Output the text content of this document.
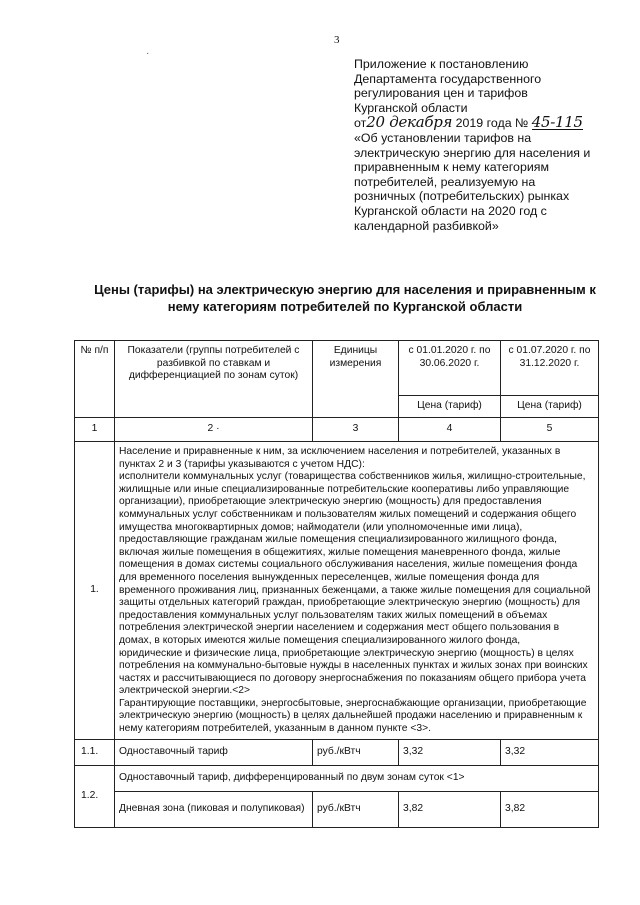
3
·
Приложение к постановлению
Департамента государственного
регулирования цен и тарифов
Курганской области
от20 декабря 2019 года № 45-115
«Об установлении тарифов на
электрическую энергию для населения и
приравненным к нему категориям
потребителей, реализуемую на
розничных (потребительских) рынках
Курганской области на 2020 год с
календарной разбивкой»
Цены (тарифы) на электрическую энергию для населения и приравненным к
нему категориям потребителей по Курганской области
№ п/п	Показатели (группы потребителей с разбивкой по ставкам и дифференциацией по зонам суток)	Единицы измерения	с 01.01.2020 г. по 30.06.2020 г.	с 01.07.2020 г. по 31.12.2020 г.
			Цена (тариф)	Цена (тариф)
1	2 ·	3	4	5
1.	Население и приравненные к ним, за исключением населения и потребителей, указанных в пунктах 2 и 3 (тарифы указываются с учетом НДС):
исполнители коммунальных услуг (товарищества собственников жилья, жилищно-строительные, жилищные или иные специализированные потребительские кооперативы либо управляющие организации), приобретающие электрическую энергию (мощность) для предоставления коммунальных услуг собственникам и пользователям жилых помещений и содержания общего имущества многоквартирных домов; наймодатели (или уполномоченные ими лица), предоставляющие гражданам жилые помещения специализированного жилищного фонда, включая жилые помещения в общежитиях, жилые помещения маневренного фонда, жилые помещения в домах системы социального обслуживания населения, жилые помещения фонда для временного поселения вынужденных переселенцев, жилые помещения фонда для временного проживания лиц, признанных беженцами, а также жилые помещения для социальной защиты отдельных категорий граждан, приобретающие электрическую энергию (мощность) для предоставления коммунальных услуг пользователям таких жилых помещений в объемах потребления электрической энергии населением и содержания мест общего пользования в домах, в которых имеются жилые помещения специализированного жилого фонда,
юридические и физические лица, приобретающие электрическую энергию (мощность) в целях потребления на коммунально-бытовые нужды в населенных пунктах и жилых зонах при воинских частях и рассчитывающиеся по договору энергоснабжения по показаниям общего прибора учета электрической энергии.<2>
Гарантирующие поставщики, энергосбытовые, энергоснабжающие организации, приобретающие электрическую энергию (мощность) в целях дальнейшей продажи населению и приравненным к нему категориям потребителей, указанным в данном пункте <3>.			

1.1.	Одноставочный тариф	руб./кВтч	3,32	3,32
1.2.	Одноставочный тариф, дифференцированный по двум зонам суток <1>			
	Дневная зона (пиковая и полупиковая)	руб./кВтч	3,82	3,82
